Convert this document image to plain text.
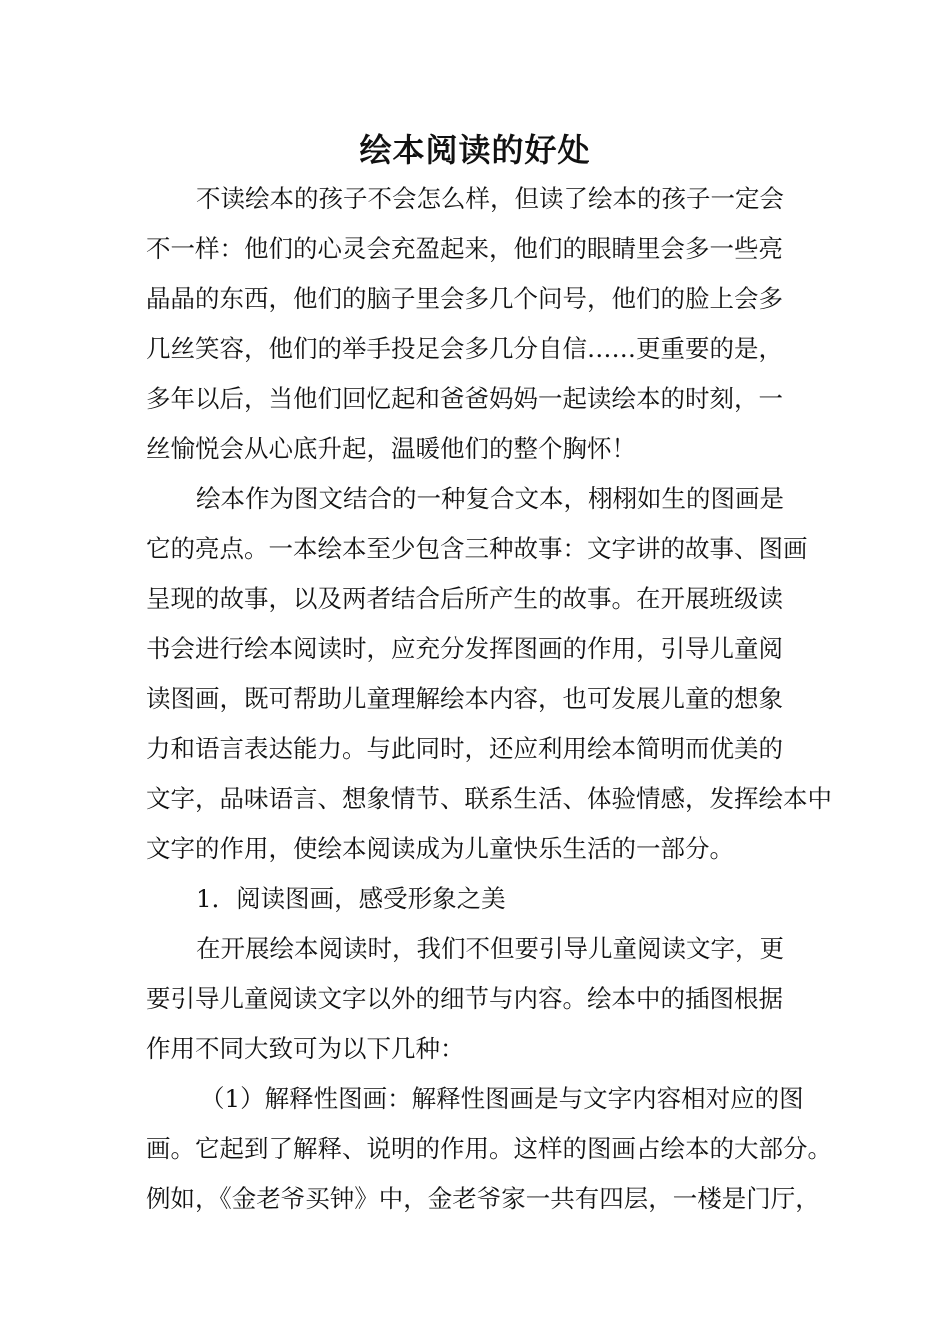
绘本阅读的好处

不读绘本的孩子不会怎么样，但读了绘本的孩子一定会

不一样：他们的心灵会充盈起来，他们的眼睛里会多一些亮

晶晶的东西，他们的脑子里会多几个问号，他们的脸上会多

几丝笑容，他们的举手投足会多几分自信……更重要的是，

多年以后，当他们回忆起和爸爸妈妈一起读绘本的时刻，一

丝愉悦会从心底升起，温暖他们的整个胸怀！

绘本作为图文结合的一种复合文本，栩栩如生的图画是

它的亮点。一本绘本至少包含三种故事：文字讲的故事、图画

呈现的故事，以及两者结合后所产生的故事。在开展班级读

书会进行绘本阅读时，应充分发挥图画的作用，引导儿童阅

读图画，既可帮助儿童理解绘本内容，也可发展儿童的想象

力和语言表达能力。与此同时，还应利用绘本简明而优美的

文字，品味语言、想象情节、联系生活、体验情感，发挥绘本中

文字的作用，使绘本阅读成为儿童快乐生活的一部分。

1．阅读图画，感受形象之美

在开展绘本阅读时，我们不但要引导儿童阅读文字，更

要引导儿童阅读文字以外的细节与内容。绘本中的插图根据

作用不同大致可为以下几种：

（1）解释性图画：解释性图画是与文字内容相对应的图

画。它起到了解释、说明的作用。这样的图画占绘本的大部分。

例如，《金老爷买钟》中，金老爷家一共有四层，一楼是门厅，
